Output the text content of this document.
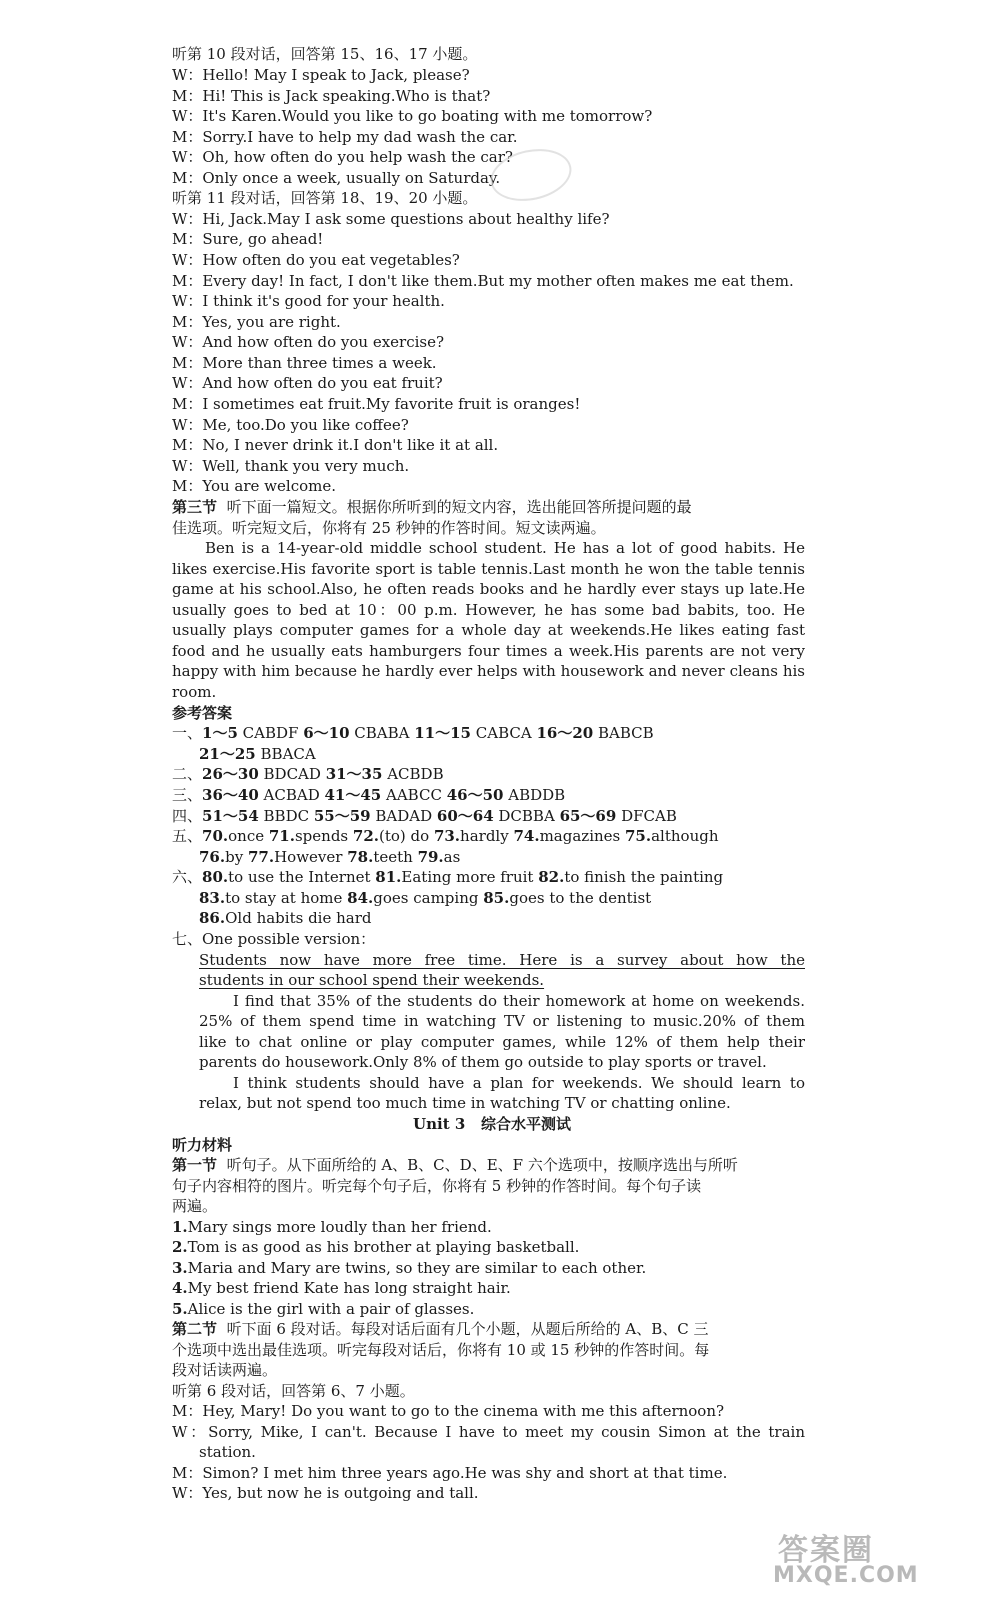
听第 10 段对话，回答第 15、16、17 小题。
W：Hello! May I speak to Jack, please?
M：Hi! This is Jack speaking.Who is that?
W：It's Karen.Would you like to go boating with me tomorrow?
M：Sorry.I have to help my dad wash the car.
W：Oh, how often do you help wash the car?
M：Only once a week, usually on Saturday.
听第 11 段对话，回答第 18、19、20 小题。
W：Hi, Jack.May I ask some questions about healthy life?
M：Sure, go ahead!
W：How often do you eat vegetables?
M：Every day! In fact, I don't like them.But my mother often makes me eat them.
W：I think it's good for your health.
M：Yes, you are right.
W：And how often do you exercise?
M：More than three times a week.
W：And how often do you eat fruit?
M：I sometimes eat fruit.My favorite fruit is oranges!
W：Me, too.Do you like coffee?
M：No, I never drink it.I don't like it at all.
W：Well, thank you very much.
M：You are welcome.
第三节 听下面一篇短文。根据你所听到的短文内容，选出能回答所提问题的最
佳选项。听完短文后，你将有 25 秒钟的作答时间。短文读两遍。
Ben is a 14-year-old middle school student. He has a lot of good habits. He
likes exercise.His favorite sport is table tennis.Last month he won the table tennis
game at his school.Also, he often reads books and he hardly ever stays up late.He
usually goes to bed at 10：00 p.m. However, he has some bad babits, too. He
usually plays computer games for a whole day at weekends.He likes eating fast
food and he usually eats hamburgers four times a week.His parents are not very
happy with him because he hardly ever helps with housework and never cleans his
room.
参考答案
一、1～5 CABDF 6～10 CBABA 11～15 CABCA 16～20 BABCB
21～25 BBACA
二、26～30 BDCAD 31～35 ACBDB
三、36～40 ACBAD 41～45 AABCC 46～50 ABDDB
四、51～54 BBDC 55～59 BADAD 60～64 DCBBA 65～69 DFCAB
五、70.once 71.spends 72.(to) do 73.hardly 74.magazines 75.although
76.by 77.However 78.teeth 79.as
六、80.to use the Internet 81.Eating more fruit 82.to finish the painting
83.to stay at home 84.goes camping 85.goes to the dentist
86.Old habits die hard
七、One possible version：
Students now have more free time. Here is a survey about how the
students in our school spend their weekends.
I find that 35% of the students do their homework at home on weekends.
25% of them spend time in watching TV or listening to music.20% of them
like to chat online or play computer games, while 12% of them help their
parents do housework.Only 8% of them go outside to play sports or travel.
I think students should have a plan for weekends. We should learn to
relax, but not spend too much time in watching TV or chatting online.
Unit 3 综合水平测试
听力材料
第一节 听句子。从下面所给的 A、B、C、D、E、F 六个选项中，按顺序选出与所听
句子内容相符的图片。听完每个句子后，你将有 5 秒钟的作答时间。每个句子读
两遍。
1.Mary sings more loudly than her friend.
2.Tom is as good as his brother at playing basketball.
3.Maria and Mary are twins, so they are similar to each other.
4.My best friend Kate has long straight hair.
5.Alice is the girl with a pair of glasses.
第二节 听下面 6 段对话。每段对话后面有几个小题，从题后所给的 A、B、C 三
个选项中选出最佳选项。听完每段对话后，你将有 10 或 15 秒钟的作答时间。每
段对话读两遍。
听第 6 段对话，回答第 6、7 小题。
M：Hey, Mary! Do you want to go to the cinema with me this afternoon?
W：Sorry, Mike, I can't. Because I have to meet my cousin Simon at the train
station.
M：Simon? I met him three years ago.He was shy and short at that time.
W：Yes, but now he is outgoing and tall.
答案圈
MXQE.COM
